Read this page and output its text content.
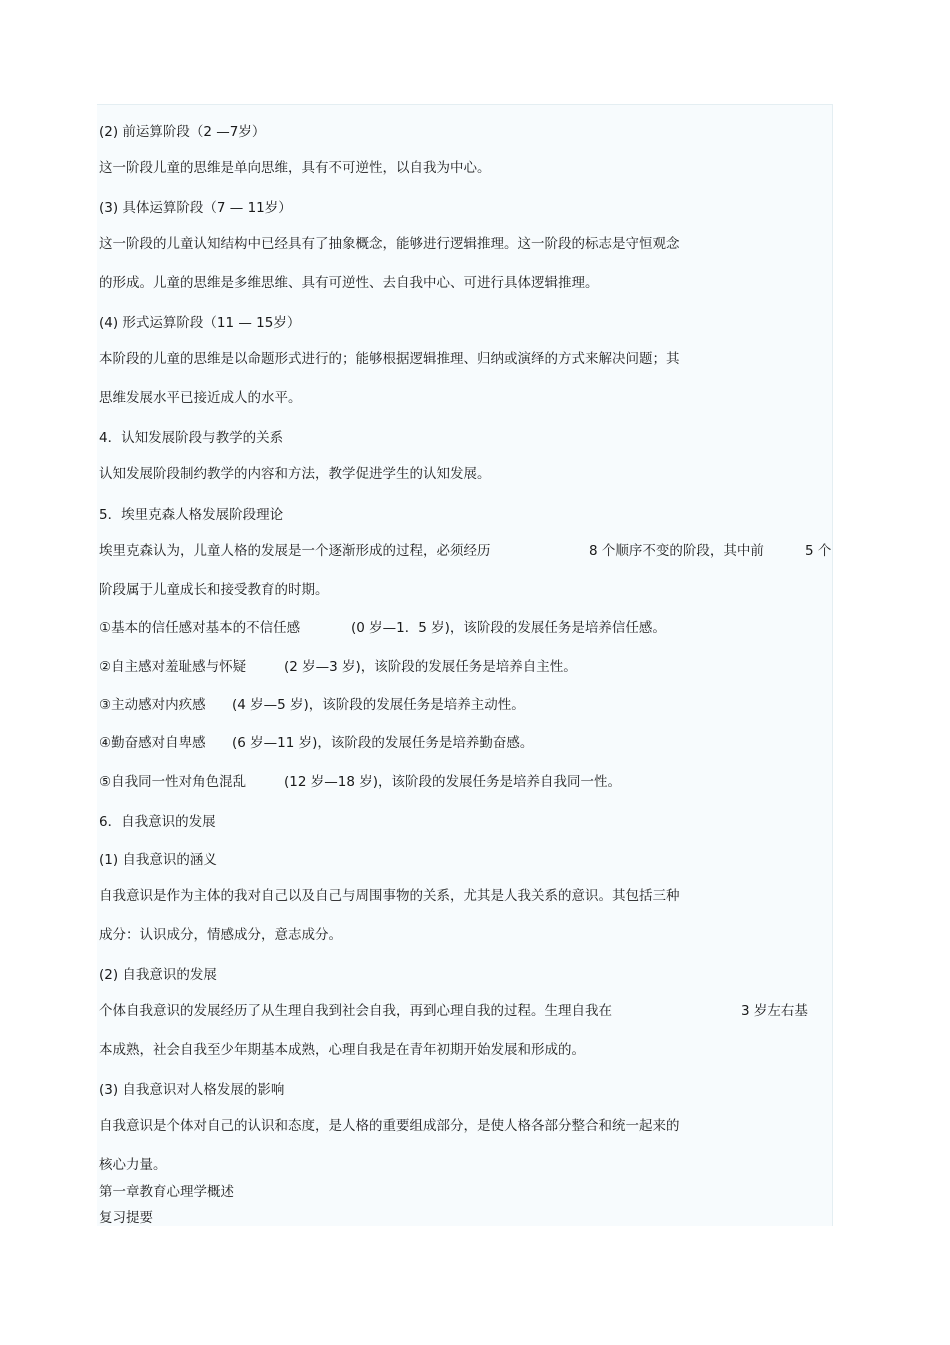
(2) 前运算阶段（2 —7岁）
这一阶段儿童的思维是单向思维，具有不可逆性，以自我为中心。
(3) 具体运算阶段（7 — 11岁）
这一阶段的儿童认知结构中已经具有了抽象概念，能够进行逻辑推理。这一阶段的标志是守恒观念
的形成。儿童的思维是多维思维、具有可逆性、去自我中心、可进行具体逻辑推理。
(4) 形式运算阶段（11 — 15岁）
本阶段的儿童的思维是以命题形式进行的；能够根据逻辑推理、归纳或演绎的方式来解决问题；其
思维发展水平已接近成人的水平。
4．认知发展阶段与教学的关系
认知发展阶段制约教学的内容和方法，教学促进学生的认知发展。
5．埃里克森人格发展阶段理论
埃里克森认为，儿童人格的发展是一个逐渐形成的过程，必须经历	8 个顺序不变的阶段，其中前	5 个
阶段属于儿童成长和接受教育的时期。
①基本的信任感对基本的不信任感	(0 岁—1．5 岁)，该阶段的发展任务是培养信任感。
②自主感对羞耻感与怀疑	(2 岁—3 岁)，该阶段的发展任务是培养自主性。
③主动感对内疚感 (4 岁—5 岁)，该阶段的发展任务是培养主动性。
④勤奋感对自卑感 (6 岁—11 岁)，该阶段的发展任务是培养勤奋感。
⑤自我同一性对角色混乱	(12 岁—18 岁)，该阶段的发展任务是培养自我同一性。
6．自我意识的发展
(1) 自我意识的涵义
自我意识是作为主体的我对自己以及自己与周围事物的关系，尤其是人我关系的意识。其包括三种
成分：认识成分，情感成分，意志成分。
(2) 自我意识的发展
个体自我意识的发展经历了从生理自我到社会自我，再到心理自我的过程。生理自我在	3 岁左右基
本成熟，社会自我至少年期基本成熟，心理自我是在青年初期开始发展和形成的。
(3) 自我意识对人格发展的影响
自我意识是个体对自己的认识和态度，是人格的重要组成部分，是使人格各部分整合和统一起来的
核心力量。
第一章教育心理学概述
复习提要
